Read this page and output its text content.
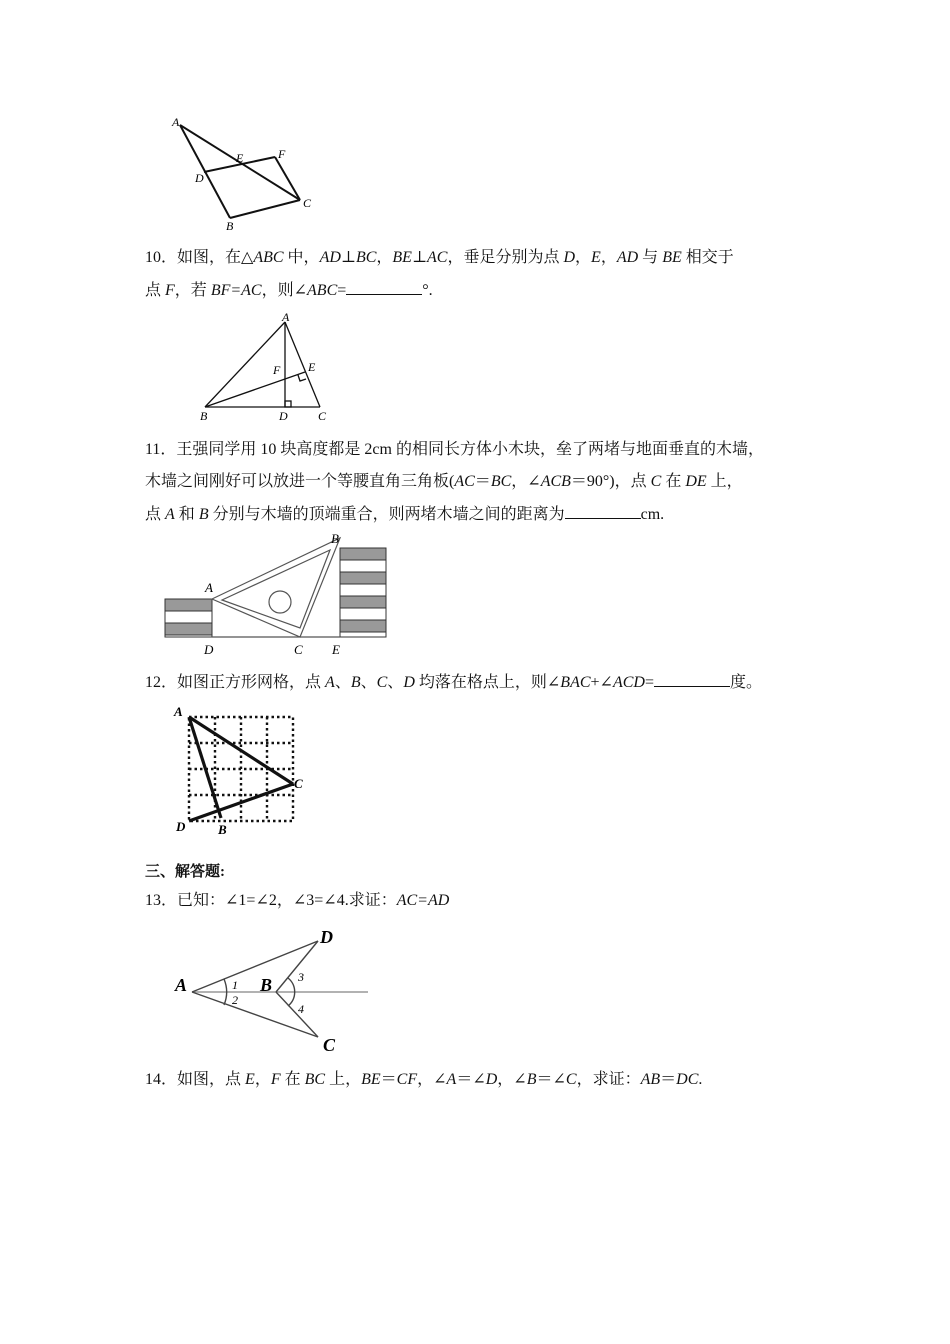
A
E	F
D
C
B
10．如图，在△ABC 中，AD⊥BC，BE⊥AC，垂足分别为点 D，E，AD 与 BE 相交于
点 F，若 BF=AC，则∠ABC=	°.
A
F E
B	D	C
11．王强同学用 10 块高度都是 2cm 的相同长方体小木块，垒了两堵与地面垂直的木墙，
木墙之间刚好可以放进一个等腰直角三角板(AC＝BC，∠ACB＝90°)，点 C 在 DE 上，
点 A 和 B 分别与木墙的顶端重合，则两堵木墙之间的距离为	cm.
A
B
D	C E
12．如图正方形网格，点 A、B、C、D 均落在格点上，则∠BAC+∠ACD=	度。
A
C
D	B
三、解答题:
13．已知：∠1=∠2，∠3=∠4.求证：AC=AD
A	B
D
C
1
2
3
4
14．如图，点 E，F 在 BC 上，BE＝CF，∠A＝∠D，∠B＝∠C，求证：AB＝DC.
